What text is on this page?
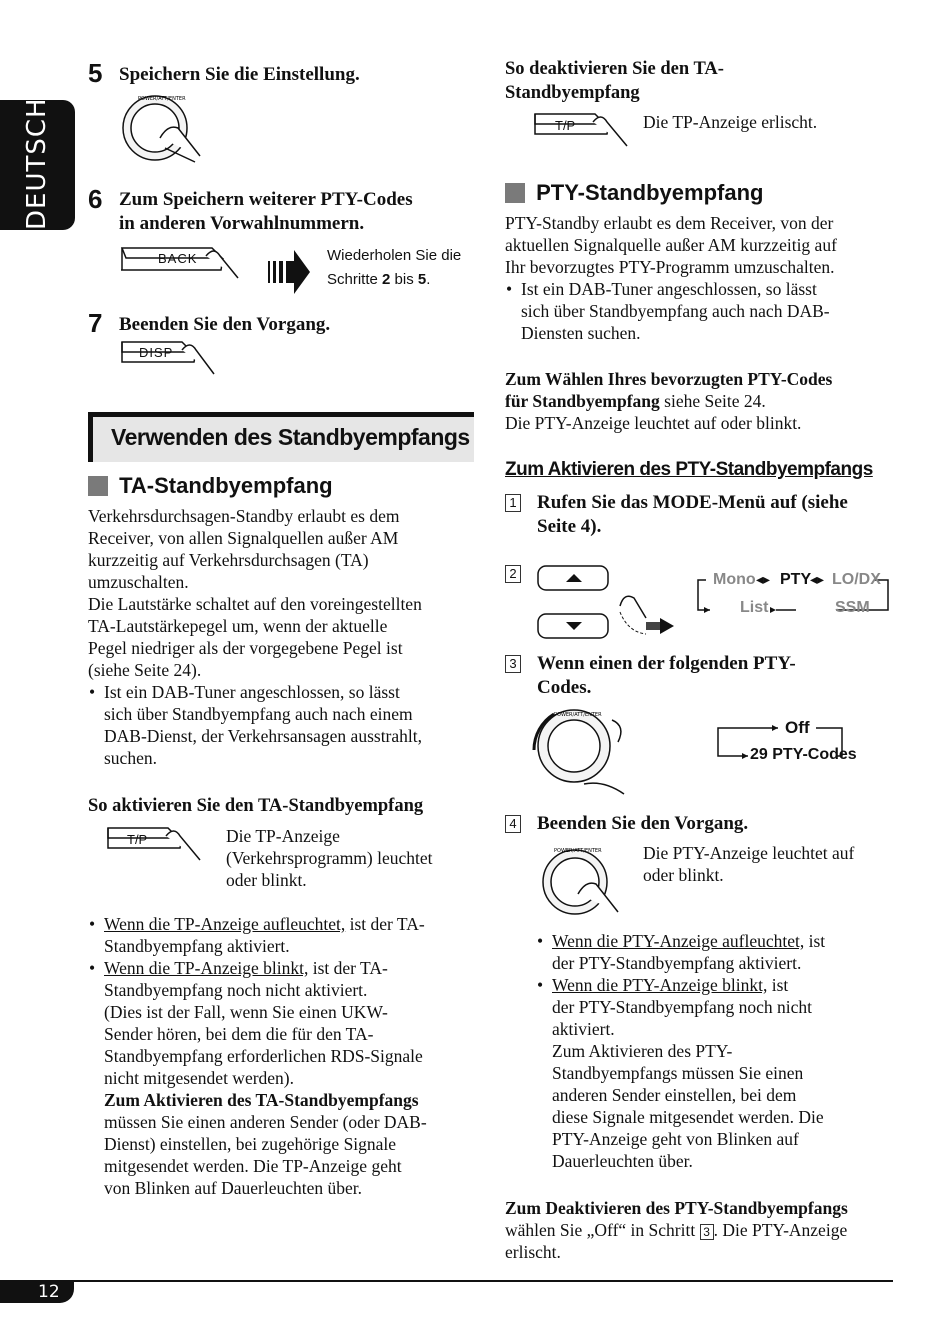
DEUTSCH
5 Speichern Sie die Einstellung.
POWER/ATT/ENTER
6 Zum Speichern weiterer PTY-Codes
in anderen Vorwahlnummern.
BACK	Wiederholen Sie die
Schritte 2 bis 5.
7 Beenden Sie den Vorgang.
DISP
Verwenden des Standbyempfangs
TA-Standbyempfang
Verkehrsdurchsagen-Standby erlaubt es dem
Receiver, von allen Signalquellen außer AM
kurzzeitig auf Verkehrsdurchsagen (TA)
umzuschalten.
Die Lautstärke schaltet auf den voreingestellten
TA-Lautstärkepegel um, wenn der aktuelle
Pegel niedriger als der vorgegebene Pegel ist
(siehe Seite 24).
• Ist ein DAB-Tuner angeschlossen, so lässt
sich über Standbyempfang auch nach einem
DAB-Dienst, der Verkehrsansagen ausstrahlt,
suchen.
So aktivieren Sie den TA-Standbyempfang
T/P	Die TP-Anzeige
(Verkehrsprogramm) leuchtet
oder blinkt.
• Wenn die TP-Anzeige aufleuchtet, ist der TA-
Standbyempfang aktiviert.
• Wenn die TP-Anzeige blinkt, ist der TA-
Standbyempfang noch nicht aktiviert.
(Dies ist der Fall, wenn Sie einen UKW-
Sender hören, bei dem die für den TA-
Standbyempfang erforderlichen RDS-Signale
nicht mitgesendet werden).
Zum Aktivieren des TA-Standbyempfangs
müssen Sie einen anderen Sender (oder DAB-
Dienst) einstellen, bei zugehörige Signale
mitgesendet werden. Die TP-Anzeige geht
von Blinken auf Dauerleuchten über.
So deaktivieren Sie den TA-
Standbyempfang
T/P	Die TP-Anzeige erlischt.
PTY-Standbyempfang
PTY-Standby erlaubt es dem Receiver, von der
aktuellen Signalquelle außer AM kurzzeitig auf
Ihr bevorzugtes PTY-Programm umzuschalten.
• Ist ein DAB-Tuner angeschlossen, so lässt
sich über Standbyempfang auch nach DAB-
Diensten suchen.
Zum Wählen Ihres bevorzugten PTY-Codes
für Standbyempfang siehe Seite 24.
Die PTY-Anzeige leuchtet auf oder blinkt.
Zum Aktivieren des PTY-Standbyempfangs
1 Rufen Sie das MODE-Menü auf (siehe
Seite 4).
2	Mono ◂▸ PTY
◂▸ LO/DX
List	SSM
3 Wenn einen der folgenden PTY-
Codes.
POWER/ATT/ENTER
Off
29 PTY-Codes
4 Beenden Sie den Vorgang.
POWER/ATT/ENTER Die PTY-Anzeige leuchtet auf
oder blinkt.
• Wenn die PTY-Anzeige aufleuchtet, ist
der PTY-Standbyempfang aktiviert.
• Wenn die PTY-Anzeige blinkt, ist
der PTY-Standbyempfang noch nicht
aktiviert.
Zum Aktivieren des PTY-
Standbyempfangs müssen Sie einen
anderen Sender einstellen, bei dem
diese Signale mitgesendet werden. Die
PTY-Anzeige geht von Blinken auf
Dauerleuchten über.
Zum Deaktivieren des PTY-Standbyempfangs
wählen Sie „Off“ in Schritt 3 . Die PTY-Anzeige
erlischt.
12
